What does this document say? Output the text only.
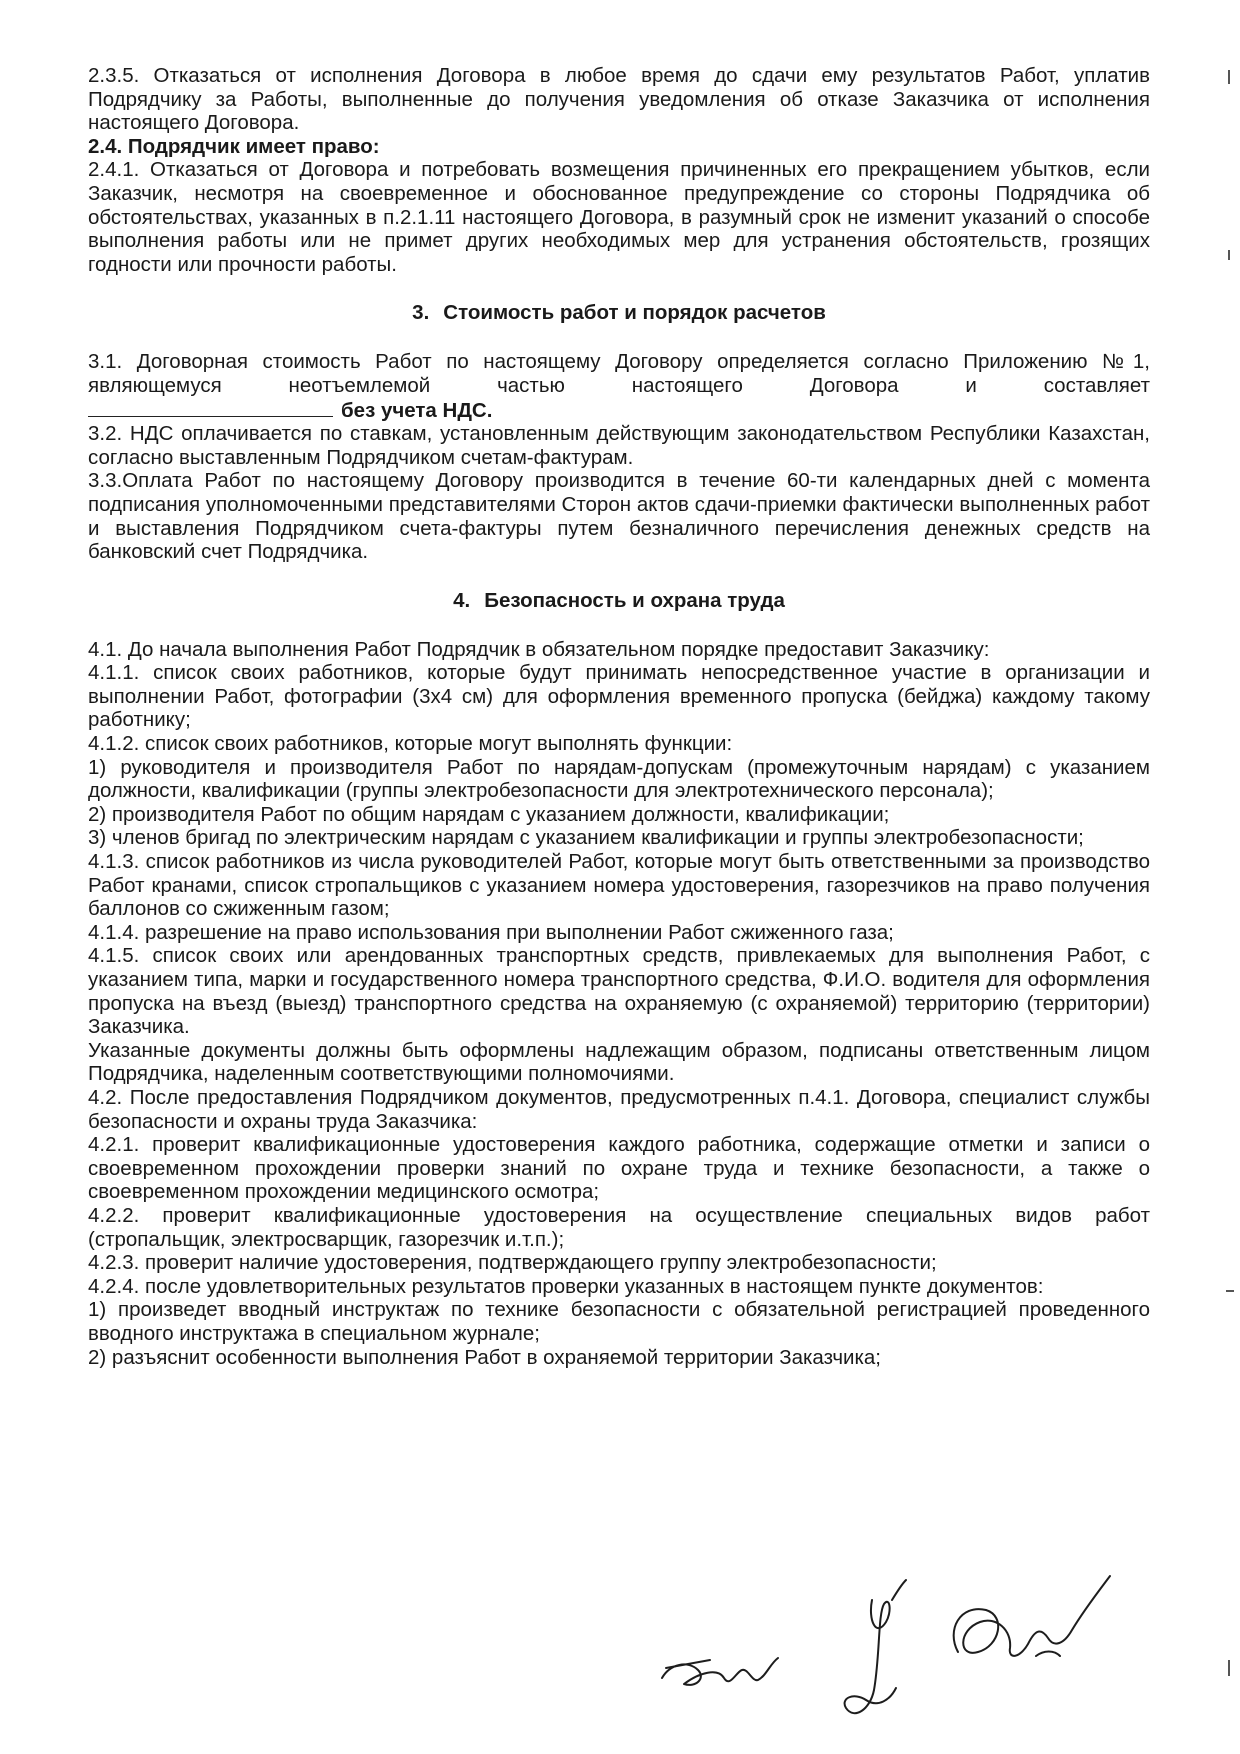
2.3.5. Отказаться от исполнения Договора в любое время до сдачи ему результатов Работ, уплатив Подрядчику за Работы, выполненные до получения уведомления об отказе Заказчика от исполнения настоящего Договора.

2.4. Подрядчик имеет право:

2.4.1. Отказаться от Договора и потребовать возмещения причиненных его прекращением убытков, если Заказчик, несмотря на своевременное и обоснованное предупреждение со стороны Подрядчика об обстоятельствах, указанных в п.2.1.11 настоящего Договора, в разумный срок не изменит указаний о способе выполнения работы или не примет других необходимых мер для устранения обстоятельств, грозящих годности или прочности работы.

3. Стоимость работ и порядок расчетов

3.1. Договорная стоимость Работ по настоящему Договору определяется согласно Приложению №1, являющемуся неотъемлемой частью настоящего Договора и составляет

без учета НДС.

3.2. НДС оплачивается по ставкам, установленным действующим законодательством Республики Казахстан, согласно выставленным Подрядчиком счетам-фактурам.

3.3.Оплата Работ по настоящему Договору производится в течение 60-ти календарных дней с момента подписания уполномоченными представителями Сторон актов сдачи-приемки фактически выполненных работ и выставления Подрядчиком счета-фактуры путем безналичного перечисления денежных средств на банковский счет Подрядчика.

4. Безопасность и охрана труда

4.1. До начала выполнения Работ Подрядчик в обязательном порядке предоставит Заказчику:

4.1.1. список своих работников, которые будут принимать непосредственное участие в организации и выполнении Работ, фотографии (3х4 см) для оформления временного пропуска (бейджа) каждому такому работнику;

4.1.2. список своих работников, которые могут выполнять функции:

1) руководителя и производителя Работ по нарядам-допускам (промежуточным нарядам) с указанием должности, квалификации (группы электробезопасности для электротехнического персонала);

2) производителя Работ по общим нарядам с указанием должности, квалификации;

3) членов бригад по электрическим нарядам с указанием квалификации и группы электробезопасности;

4.1.3. список работников из числа руководителей Работ, которые могут быть ответственными за производство Работ кранами, список стропальщиков с указанием номера удостоверения, газорезчиков на право получения баллонов со сжиженным газом;

4.1.4. разрешение на право использования при выполнении Работ сжиженного газа;

4.1.5. список своих или арендованных транспортных средств, привлекаемых для выполнения Работ, с указанием типа, марки и государственного номера транспортного средства, Ф.И.О. водителя для оформления пропуска на въезд (выезд) транспортного средства на охраняемую (с охраняемой) территорию (территории) Заказчика.

Указанные документы должны быть оформлены надлежащим образом, подписаны ответственным лицом Подрядчика, наделенным соответствующими полномочиями.

4.2. После предоставления Подрядчиком документов, предусмотренных п.4.1. Договора, специалист службы безопасности и охраны труда Заказчика:

4.2.1. проверит квалификационные удостоверения каждого работника, содержащие отметки и записи о своевременном прохождении проверки знаний по охране труда и технике безопасности, а также о своевременном прохождении медицинского осмотра;

4.2.2. проверит квалификационные удостоверения на осуществление специальных видов работ (стропальщик, электросварщик, газорезчик и.т.п.);

4.2.3. проверит наличие удостоверения, подтверждающего группу электробезопасности;

4.2.4. после удовлетворительных результатов проверки указанных в настоящем пункте документов:

1) произведет вводный инструктаж по технике безопасности с обязательной регистрацией проведенного вводного инструктажа в специальном журнале;

2) разъяснит особенности выполнения Работ в охраняемой территории Заказчика;
